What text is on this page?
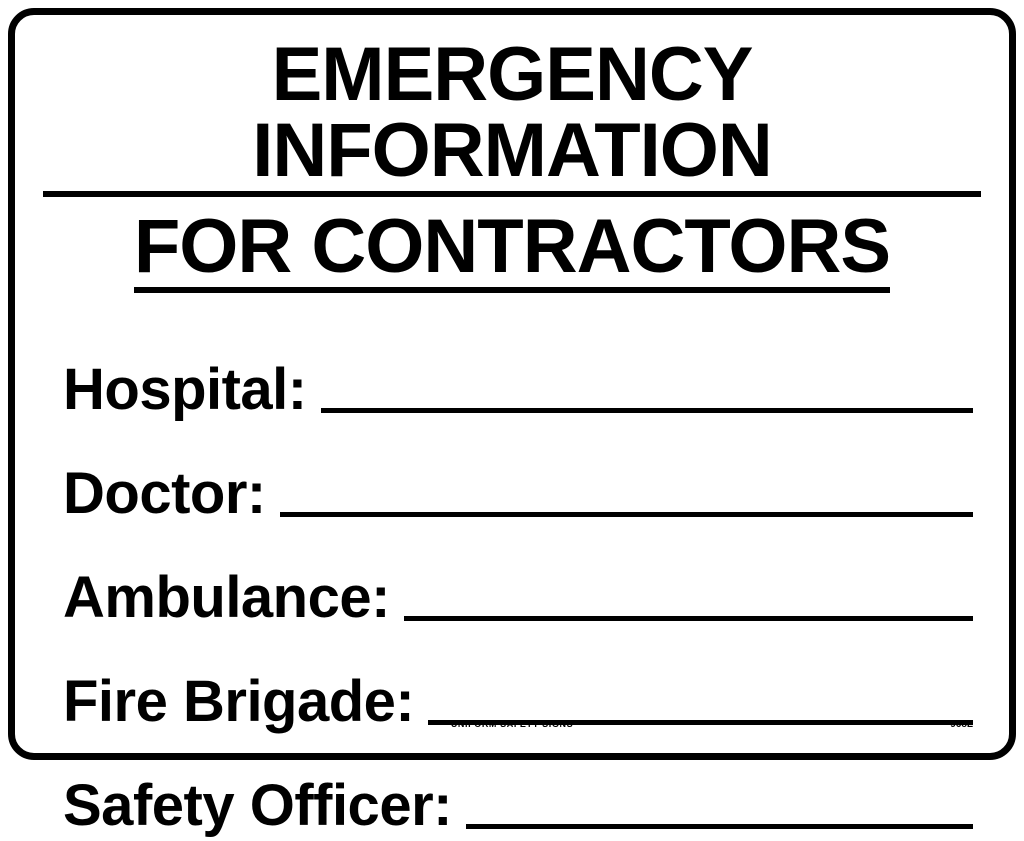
EMERGENCY INFORMATION FOR CONTRACTORS
Hospital:
Doctor:
Ambulance:
Fire Brigade:
Safety Officer:
UNIFORM SAFETY SIGNS	968L
